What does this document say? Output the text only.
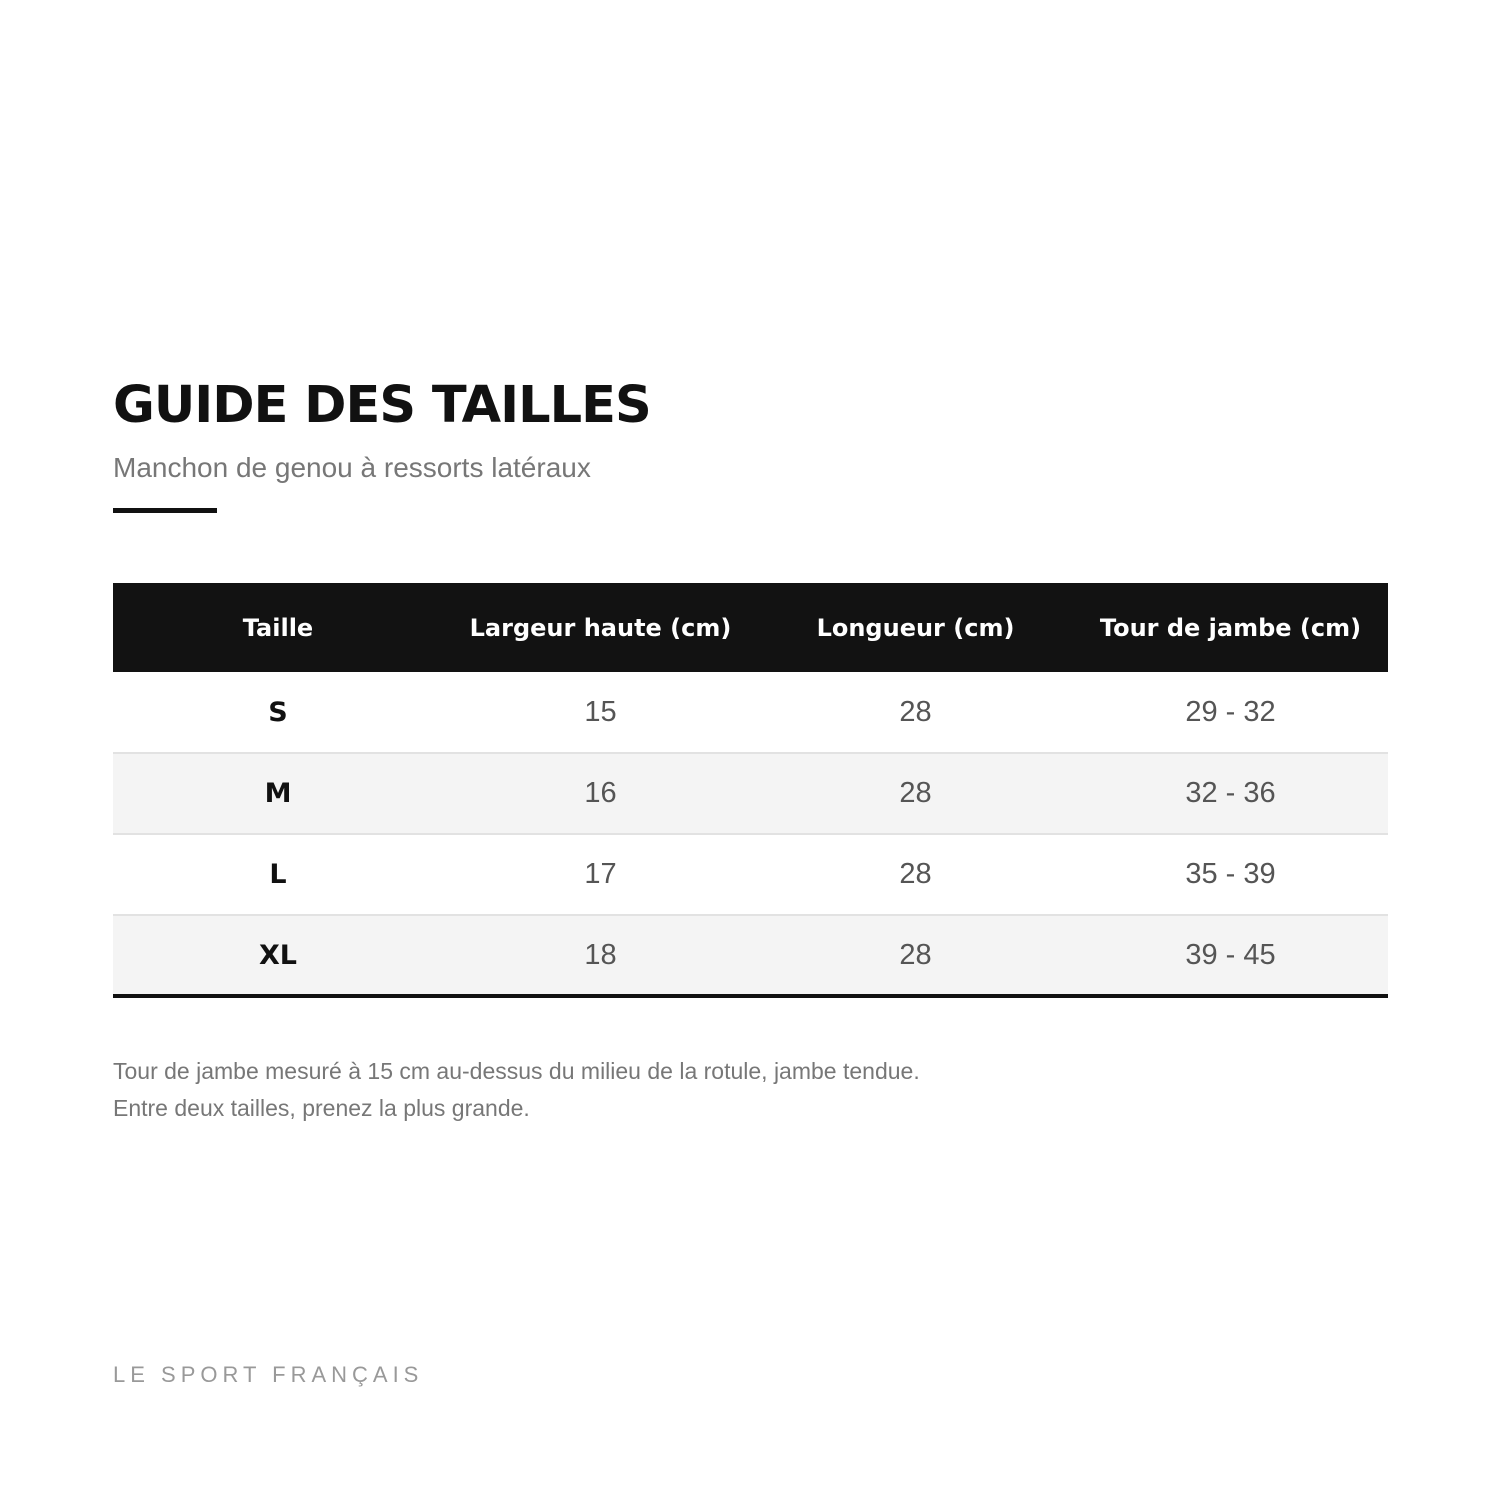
GUIDE DES TAILLES

Manchon de genou à ressorts latéraux

Taille	Largeur haute (cm)	Longueur (cm)	Tour de jambe (cm)
S	15	28	29 - 32
M	16	28	32 - 36
L	17	28	35 - 39
XL	18	28	39 - 45

Tour de jambe mesuré à 15 cm au-dessus du milieu de la rotule, jambe tendue.

Entre deux tailles, prenez la plus grande.

LE SPORT FRANÇAIS
